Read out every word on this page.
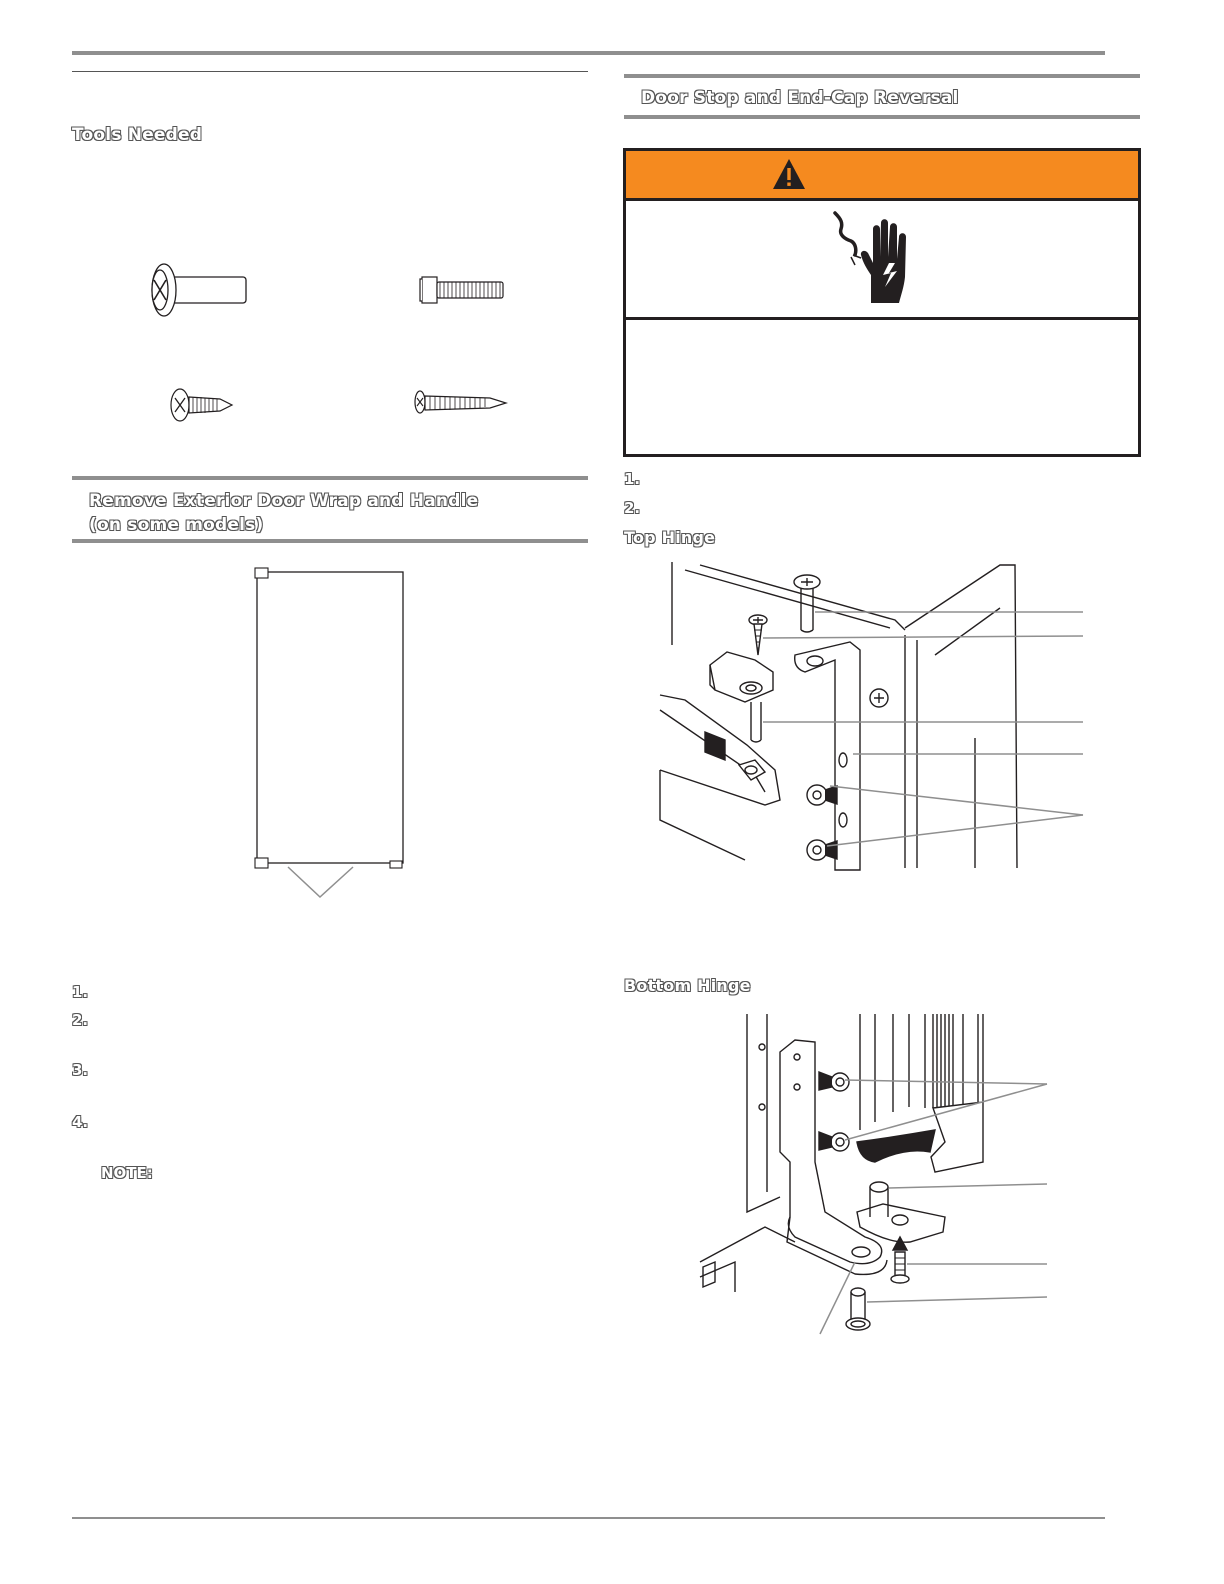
Tools Needed
Remove Exterior Door Wrap and Handle
(on some models)
1.
2.
3.
4.
NOTE:
Door Stop and End-Cap Reversal
1.
2.
Top Hinge
Bottom Hinge
